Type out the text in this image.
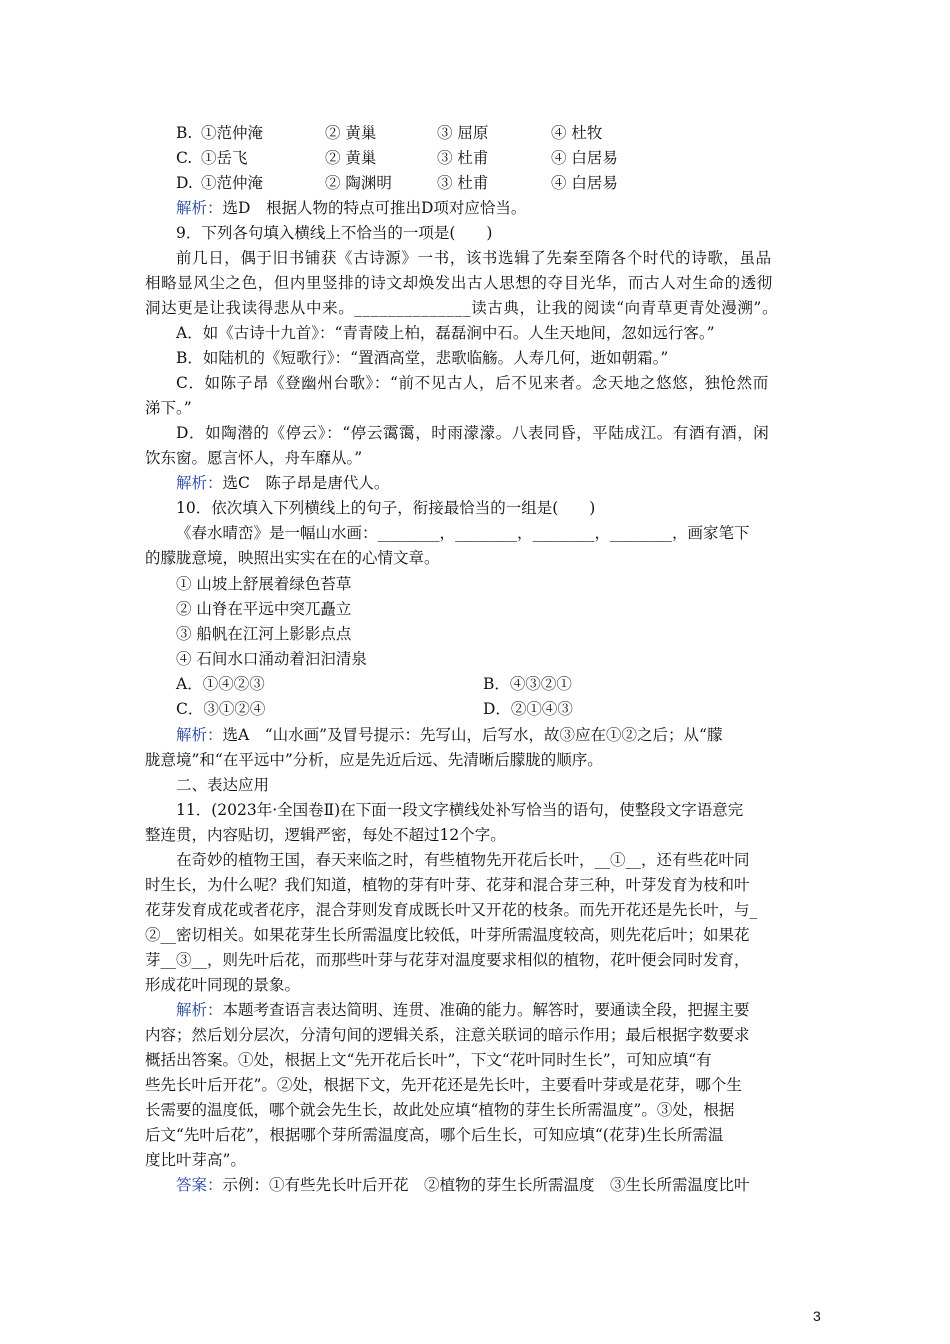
B. ①范仲淹	② 黄巢	③ 屈原	④ 杜牧
C. ①岳飞	② 黄巢	③ 杜甫	④ 白居易
D. ①范仲淹	② 陶渊明	③ 杜甫	④ 白居易
解析：选D　根据人物的特点可推出D项对应恰当。
9．下列各句填入横线上不恰当的一项是(　　)
前几日，偶于旧书铺获《古诗源》一书，该书选辑了先秦至隋各个时代的诗歌，虽品
相略显风尘之色，但内里竖排的诗文却焕发出古人思想的夺目光华，而古人对生命的透彻
洞达更是让我读得悲从中来。______________读古典，让我的阅读“向青草更青处漫溯”。
A．如《古诗十九首》：“青青陵上柏，磊磊涧中石。人生天地间，忽如远行客。”
B．如陆机的《短歌行》：“置酒高堂，悲歌临觞。人寿几何，逝如朝霜。”
C．如陈子昂《登幽州台歌》：“前不见古人，后不见来者。念天地之悠悠，独怆然而
涕下。”
D．如陶潜的《停云》：“停云霭霭，时雨濛濛。八表同昏，平陆成江。有酒有酒，闲
饮东窗。愿言怀人，舟车靡从。”
解析：选C　陈子昂是唐代人。
10．依次填入下列横线上的句子，衔接最恰当的一组是(　　)
《春水晴峦》是一幅山水画：________，________，________，________，画家笔下
的朦胧意境，映照出实实在在的心情文章。
① 山坡上舒展着绿色苔草
② 山脊在平远中突兀矗立
③ 船帆在江河上影影点点
④ 石间水口涌动着汩汩清泉
A．①④②③	B．④③②①
C．③①②④	D．②①④③
解析：选A　“山水画”及冒号提示：先写山，后写水，故③应在①②之后；从“朦
胧意境”和“在平远中”分析，应是先近后远、先清晰后朦胧的顺序。
二、表达应用
11．(2023年·全国卷Ⅱ)在下面一段文字横线处补写恰当的语句，使整段文字语意完
整连贯，内容贴切，逻辑严密，每处不超过12个字。
在奇妙的植物王国，春天来临之时，有些植物先开花后长叶，__①__，还有些花叶同
时生长，为什么呢？我们知道，植物的芽有叶芽、花芽和混合芽三种，叶芽发育为枝和叶
花芽发育成花或者花序，混合芽则发育成既长叶又开花的枝条。而先开花还是先长叶，与_
②__密切相关。如果花芽生长所需温度比较低，叶芽所需温度较高，则先花后叶；如果花
芽__③__，则先叶后花，而那些叶芽与花芽对温度要求相似的植物，花叶便会同时发育，
形成花叶同现的景象。
解析：本题考查语言表达简明、连贯、准确的能力。解答时，要通读全段，把握主要
内容；然后划分层次，分清句间的逻辑关系，注意关联词的暗示作用；最后根据字数要求
概括出答案。①处，根据上文“先开花后长叶”，下文“花叶同时生长”，可知应填“有
些先长叶后开花”。②处，根据下文，先开花还是先长叶，主要看叶芽或是花芽，哪个生
长需要的温度低，哪个就会先生长，故此处应填“植物的芽生长所需温度”。③处，根据
后文“先叶后花”，根据哪个芽所需温度高，哪个后生长，可知应填“(花芽)生长所需温
度比叶芽高”。
答案：示例：①有些先长叶后开花　②植物的芽生长所需温度　③生长所需温度比叶
3
